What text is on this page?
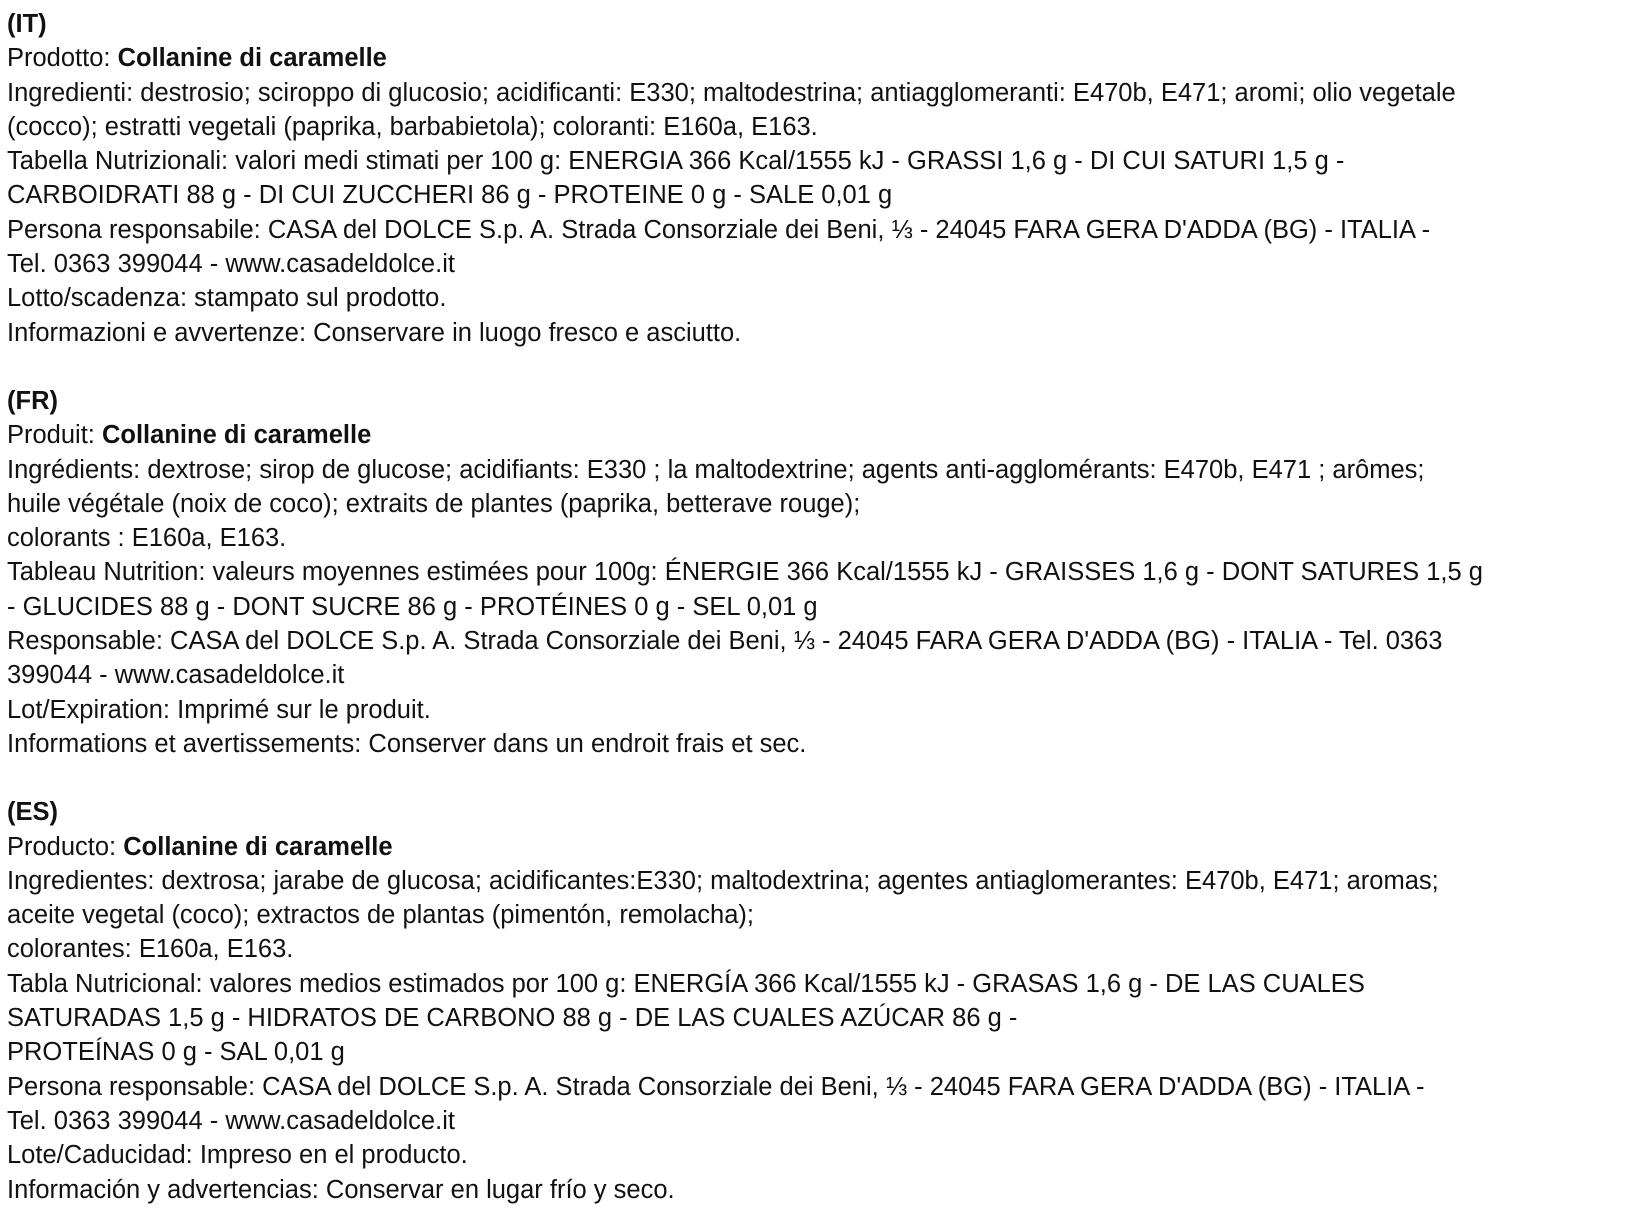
(IT)
Prodotto: Collanine di caramelle
Ingredienti: destrosio; sciroppo di glucosio; acidificanti: E330; maltodestrina; antiagglomeranti: E470b, E471; aromi; olio vegetale
(cocco); estratti vegetali (paprika, barbabietola); coloranti: E160a, E163.
Tabella Nutrizionali: valori medi stimati per 100 g: ENERGIA 366 Kcal/1555 kJ - GRASSI 1,6 g - DI CUI SATURI 1,5 g -
CARBOIDRATI 88 g - DI CUI ZUCCHERI 86 g - PROTEINE 0 g - SALE 0,01 g
Persona responsabile: CASA del DOLCE S.p. A. Strada Consorziale dei Beni, ⅓ - 24045 FARA GERA D'ADDA (BG) - ITALIA -
Tel. 0363 399044 - www.casadeldolce.it
Lotto/scadenza: stampato sul prodotto.
Informazioni e avvertenze: Conservare in luogo fresco e asciutto.
(FR)
Produit: Collanine di caramelle
Ingrédients: dextrose; sirop de glucose; acidifiants: E330 ; la maltodextrine; agents anti-agglomérants: E470b, E471 ; arômes;
huile végétale (noix de coco); extraits de plantes (paprika, betterave rouge);
colorants : E160a, E163.
Tableau Nutrition: valeurs moyennes estimées pour 100g: ÉNERGIE 366 Kcal/1555 kJ - GRAISSES 1,6 g - DONT SATURES 1,5 g
- GLUCIDES 88 g - DONT SUCRE 86 g - PROTÉINES 0 g - SEL 0,01 g
Responsable: CASA del DOLCE S.p. A. Strada Consorziale dei Beni, ⅓ - 24045 FARA GERA D'ADDA (BG) - ITALIA - Tel. 0363
399044 - www.casadeldolce.it
Lot/Expiration: Imprimé sur le produit.
Informations et avertissements: Conserver dans un endroit frais et sec.
(ES)
Producto: Collanine di caramelle
Ingredientes: dextrosa; jarabe de glucosa; acidificantes:E330; maltodextrina; agentes antiaglomerantes: E470b, E471; aromas;
aceite vegetal (coco); extractos de plantas (pimentón, remolacha);
colorantes: E160a, E163.
Tabla Nutricional: valores medios estimados por 100 g: ENERGÍA 366 Kcal/1555 kJ - GRASAS 1,6 g - DE LAS CUALES
SATURADAS 1,5 g - HIDRATOS DE CARBONO 88 g - DE LAS CUALES AZÚCAR 86 g -
PROTEÍNAS 0 g - SAL 0,01 g
Persona responsable: CASA del DOLCE S.p. A. Strada Consorziale dei Beni, ⅓ - 24045 FARA GERA D'ADDA (BG) - ITALIA -
Tel. 0363 399044 - www.casadeldolce.it
Lote/Caducidad: Impreso en el producto.
Información y advertencias: Conservar en lugar frío y seco.
